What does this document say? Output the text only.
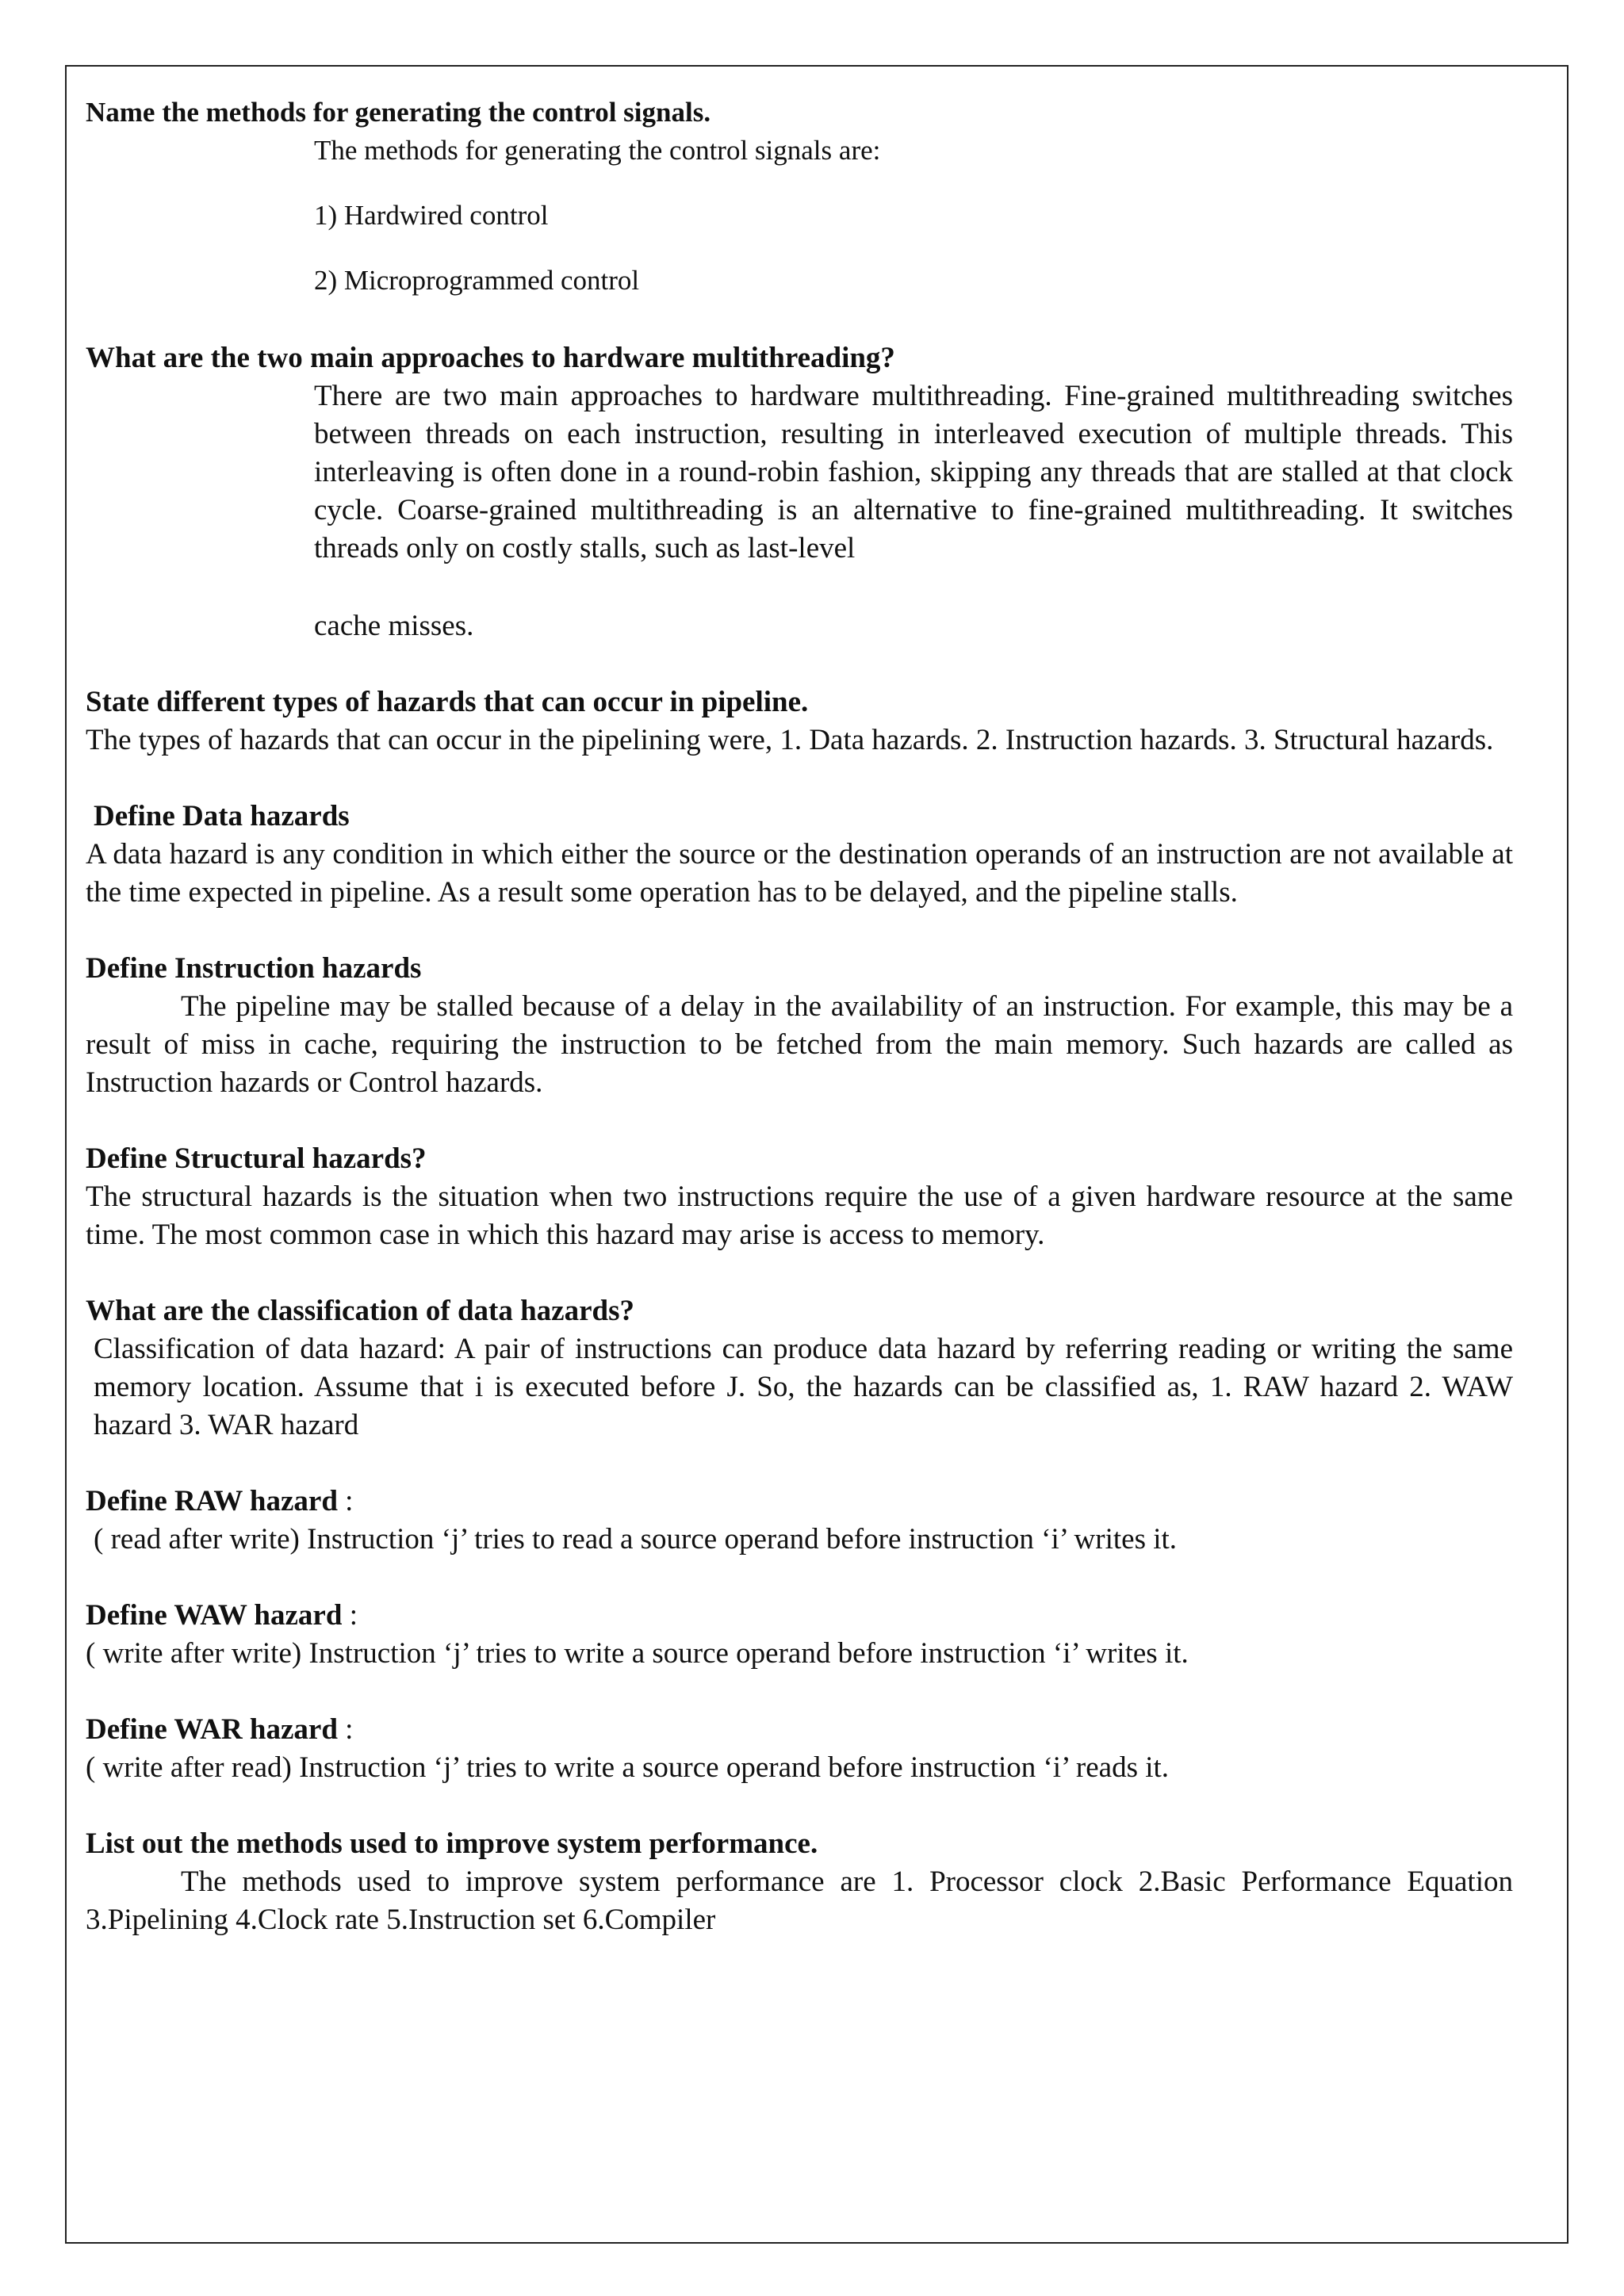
Name the methods for generating the control signals.

The methods for generating the control signals are:

1) Hardwired control

2) Microprogrammed control

What are the two main approaches to hardware multithreading?

There are two main approaches to hardware multithreading. Fine-grained multithreading switches between threads on each instruction, resulting in interleaved execution of multiple threads. This interleaving is often done in a round-robin fashion, skipping any threads that are stalled at that clock cycle. Coarse-grained multithreading is an alternative to fine-grained multithreading. It switches threads only on costly stalls, such as last-level

cache misses.

State different types of hazards that can occur in pipeline.

The types of hazards that can occur in the pipelining were, 1. Data hazards. 2. Instruction hazards. 3. Structural hazards.

Define Data hazards

A data hazard is any condition in which either the source or the destination operands of an instruction are not available at the time expected in pipeline. As a result some operation has to be delayed, and the pipeline stalls.

Define Instruction hazards

The pipeline may be stalled because of a delay in the availability of an instruction. For example, this may be a result of miss in cache, requiring the instruction to be fetched from the main memory. Such hazards are called as Instruction hazards or Control hazards.

Define Structural hazards?

The structural hazards is the situation when two instructions require the use of a given hardware resource at the same time. The most common case in which this hazard may arise is access to memory.

What are the classification of data hazards?

Classification of data hazard: A pair of instructions can produce data hazard by referring reading or writing the same memory location. Assume that i is executed before J. So, the hazards can be classified as, 1. RAW hazard 2. WAW hazard 3. WAR hazard

Define RAW hazard :

( read after write) Instruction ‘j’ tries to read a source operand before instruction ‘i’ writes it.

Define WAW hazard :

( write after write) Instruction ‘j’ tries to write a source operand before instruction ‘i’ writes it.

Define WAR hazard :

( write after read) Instruction ‘j’ tries to write a source operand before instruction ‘i’ reads it.

List out the methods used to improve system performance.

The methods used to improve system performance are 1. Processor clock 2.Basic Performance Equation 3.Pipelining 4.Clock rate 5.Instruction set 6.Compiler
